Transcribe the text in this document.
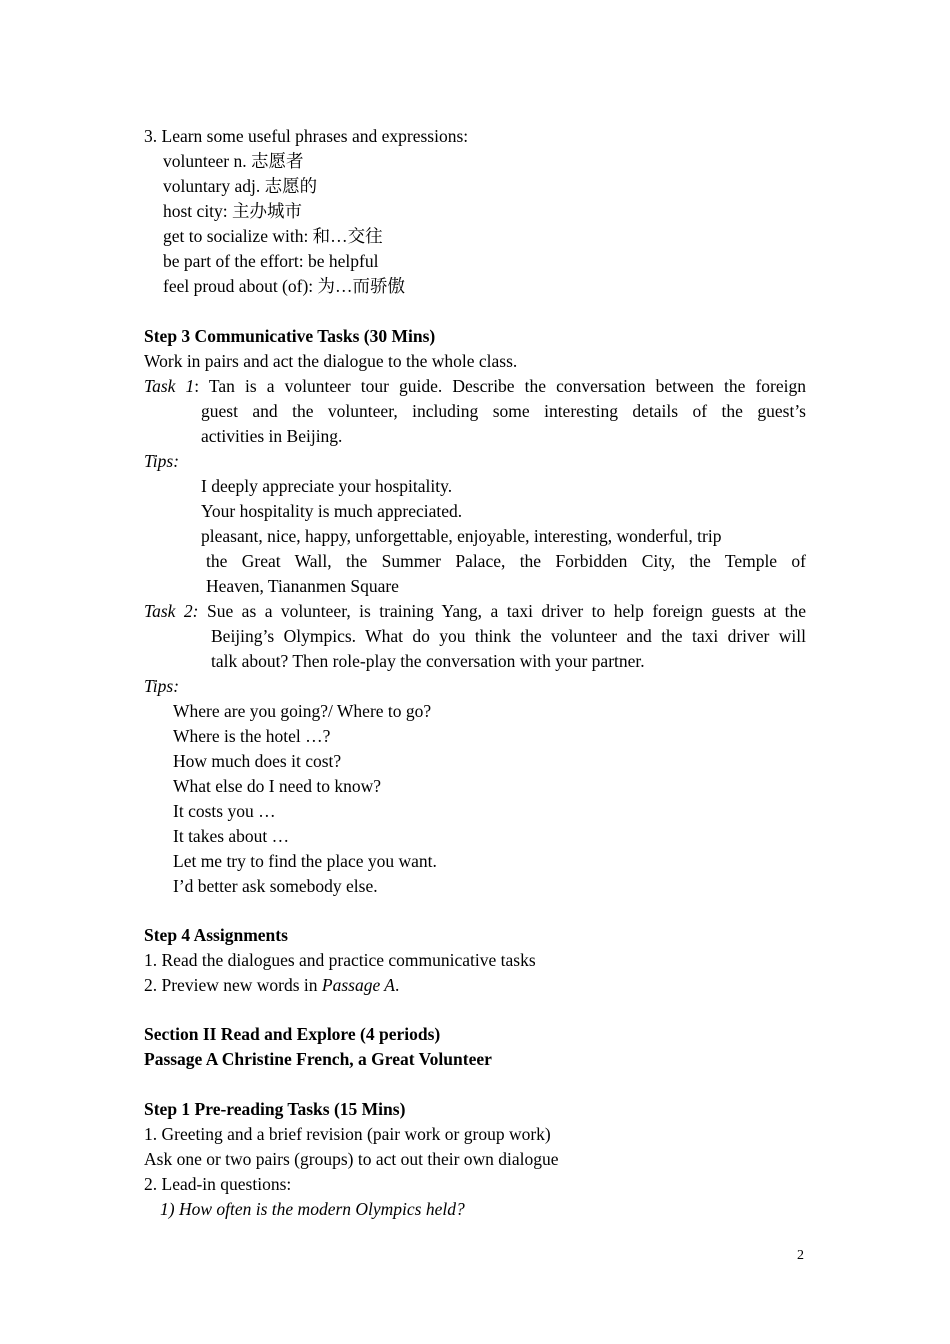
3. Learn some useful phrases and expressions:
volunteer n. 志愿者
voluntary adj. 志愿的
host city: 主办城市
get to socialize with: 和…交往
be part of the effort: be helpful
feel proud about (of): 为…而骄傲
Step 3 Communicative Tasks (30 Mins)
Work in pairs and act the dialogue to the whole class.
Task 1: Tan is a volunteer tour guide. Describe the conversation between the foreign
guest and the volunteer, including some interesting details of the guest’s
activities in Beijing.
Tips:
I deeply appreciate your hospitality.
Your hospitality is much appreciated.
pleasant, nice, happy, unforgettable, enjoyable, interesting, wonderful, trip
the Great Wall, the Summer Palace, the Forbidden City, the Temple of
Heaven, Tiananmen Square
Task 2: Sue as a volunteer, is training Yang, a taxi driver to help foreign guests at the
Beijing’s Olympics. What do you think the volunteer and the taxi driver will
talk about? Then role-play the conversation with your partner.
Tips:
Where are you going?/ Where to go?
Where is the hotel …?
How much does it cost?
What else do I need to know?
It costs you …
It takes about …
Let me try to find the place you want.
I’d better ask somebody else.
Step 4 Assignments
1. Read the dialogues and practice communicative tasks
2. Preview new words in Passage A.
Section II Read and Explore (4 periods)
Passage A Christine French, a Great Volunteer
Step 1 Pre-reading Tasks (15 Mins)
1. Greeting and a brief revision (pair work or group work)
Ask one or two pairs (groups) to act out their own dialogue
2. Lead-in questions:
1) How often is the modern Olympics held?
2
